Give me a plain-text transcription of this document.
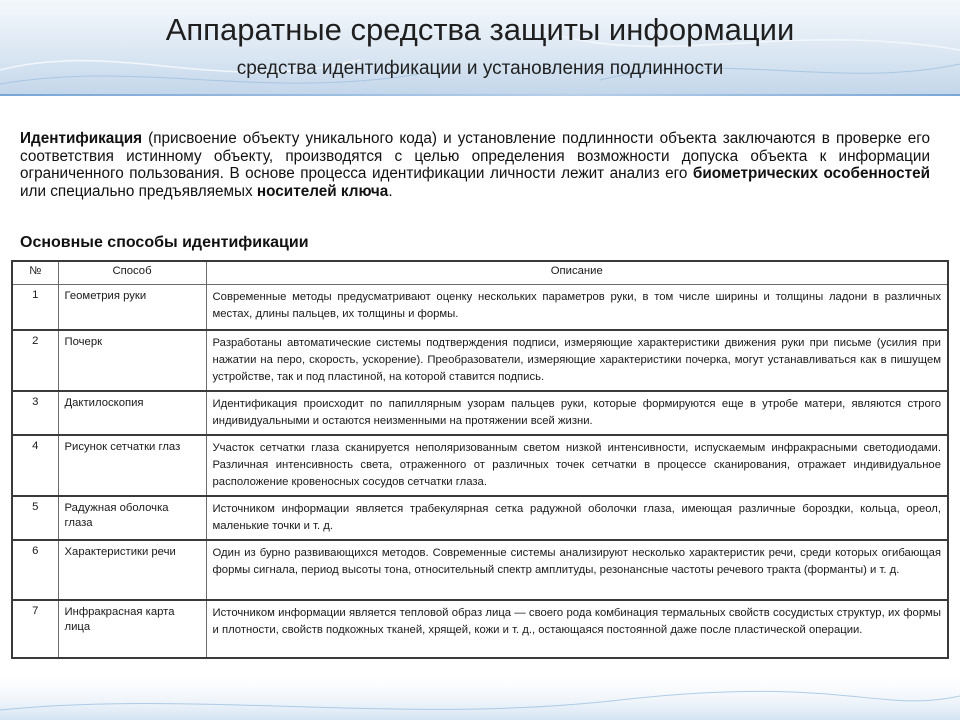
Аппаратные средства защиты информации
средства идентификации и установления подлинности
Идентификация (присвоение объекту уникального кода) и установление подлинности объекта заключаются в проверке его соответствия истинному объекту, производятся с целью определения возможности допуска объекта к информации ограниченного пользования. В основе процесса идентификации личности лежит анализ его биометрических особенностей или специально предъявляемых носителей ключа.
Основные способы идентификации
№	Способ	Описание
1	Геометрия руки	Современные методы предусматривают оценку нескольких параметров руки, в том числе ширины и толщины ладони в различных местах, длины пальцев, их толщины и формы.
2	Почерк	Разработаны автоматические системы подтверждения подписи, измеряющие характеристики движения руки при письме (усилия при нажатии на перо, скорость, ускорение). Преобразователи, измеряющие характеристики почерка, могут устанавливаться как в пишущем устройстве, так и под пластиной, на которой ставится подпись.
3	Дактилоскопия	Идентификация происходит по папиллярным узорам пальцев руки, которые формируются еще в утробе матери, являются строго индивидуальными и остаются неизменными на протяжении всей жизни.
4	Рисунок сетчатки глаз	Участок сетчатки глаза сканируется неполяризованным светом низкой интенсивности, испускаемым инфракрасными светодиодами. Различная интенсивность света, отраженного от различных точек сетчатки в процессе сканирования, отражает индивидуальное расположение кровеносных сосудов сетчатки глаза.
5	Радужная оболочка глаза	Источником информации является трабекулярная сетка радужной оболочки глаза, имеющая различные бороздки, кольца, ореол, маленькие точки и т. д.
6	Характеристики речи	Один из бурно развивающихся методов. Современные системы анализируют несколько характеристик речи, среди которых огибающая формы сигнала, период высоты тона, относительный спектр амплитуды, резонансные частоты речевого тракта (форманты) и т. д.
7	Инфракрасная карта лица	Источником информации является тепловой образ лица — своего рода комбинация термальных свойств сосудистых структур, их формы и плотности, свойств подкожных тканей, хрящей, кожи и т. д., остающаяся постоянной даже после пластической операции.
